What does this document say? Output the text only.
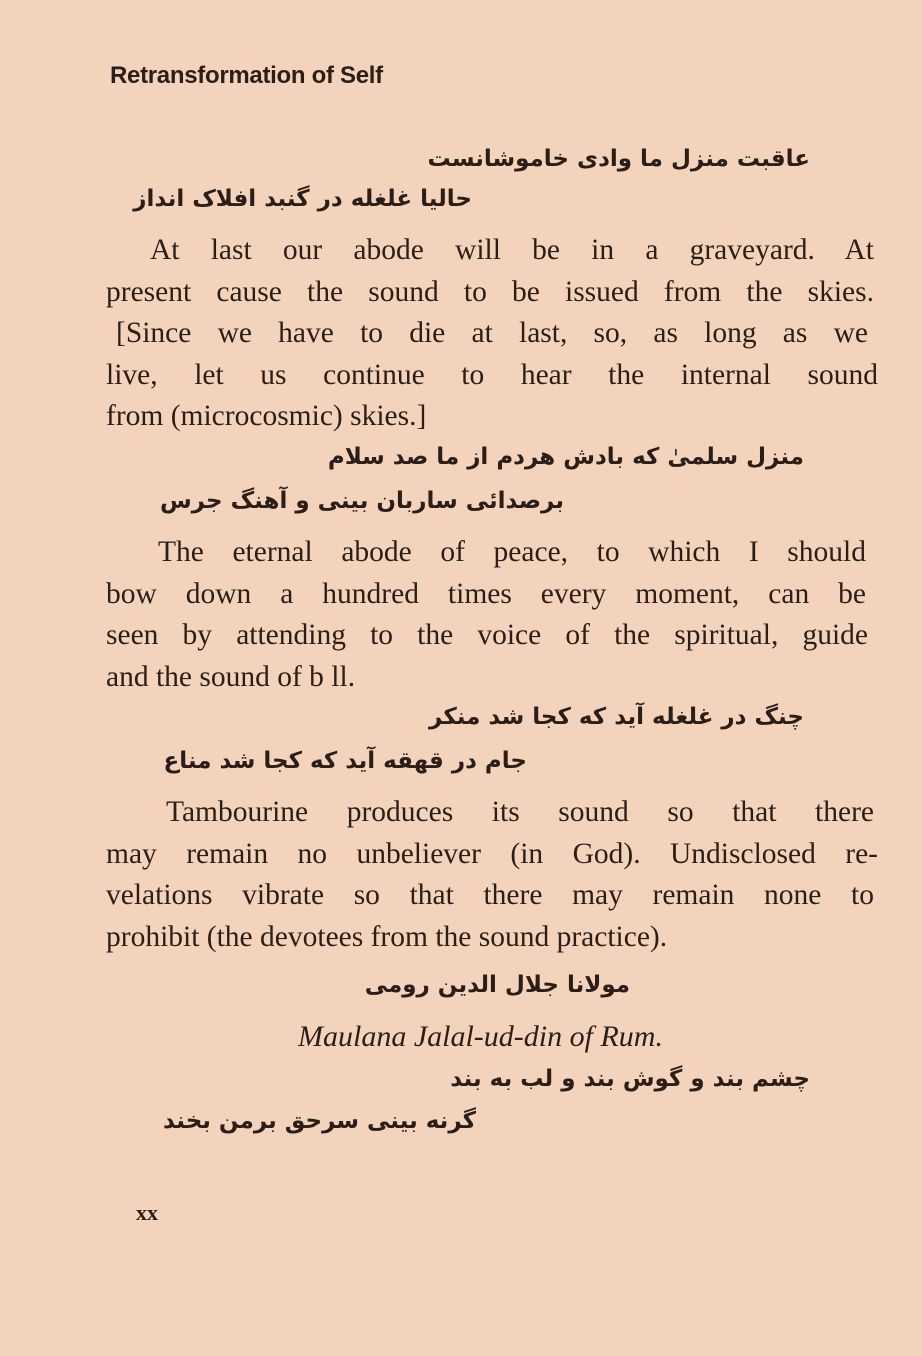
Retransformation of Self
عاقبت منزل ما وادی خاموشانست
حالیا غلغله در گنبد افلاک انداز
At last our abode will be in a graveyard. At
present cause the sound to be issued from the skies.
[Since we have to die at last, so, as long as we
live, let us continue to hear the internal sound
from (microcosmic) skies.]
منزل سلمیٰ که بادش هردم از ما صد سلام
برصدائی ساربان بینی و آهنگ جرس
The eternal abode of peace, to which I should
bow down a hundred times every moment, can be
seen by attending to the voice of the spiritual, guide
and the sound of b ll.
چنگ در غلغله آید که کجا شد منکر
جام در قهقه آید که کجا شد مناع
Tambourine produces its sound so that there
may remain no unbeliever (in God). Undisclosed re-
velations vibrate so that there may remain none to
prohibit (the devotees from the sound practice).
مولانا جلال الدین رومی
Maulana Jalal-ud-din of Rum.
چشم بند و گوش بند و لب به بند
گرنه بینی سرحق برمن بخند
xx
